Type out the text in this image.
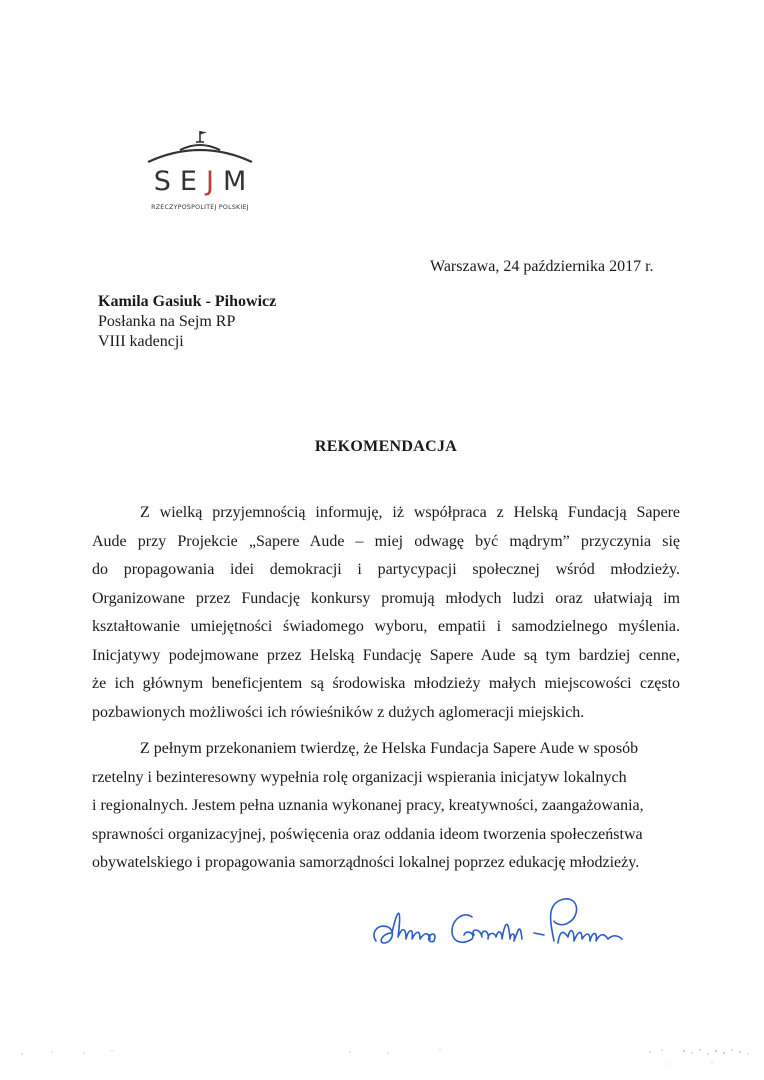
SEJM
RZECZYPOSPOLITEJ POLSKIEJ
Warszawa, 24 października 2017 r.
Kamila Gasiuk - Pihowicz
Posłanka na Sejm RP
VIII kadencji
REKOMENDACJA
Z wielką przyjemnością informuję, iż współpraca z Helską Fundacją Sapere
Aude przy Projekcie „Sapere Aude – miej odwagę być mądrym” przyczynia się
do propagowania idei demokracji i partycypacji społecznej wśród młodzieży.
Organizowane przez Fundację konkursy promują młodych ludzi oraz ułatwiają im
kształtowanie umiejętności świadomego wyboru, empatii i samodzielnego myślenia.
Inicjatywy podejmowane przez Helską Fundację Sapere Aude są tym bardziej cenne,
że ich głównym beneficjentem są środowiska młodzieży małych miejscowości często
pozbawionych możliwości ich rówieśników z dużych aglomeracji miejskich.
Z pełnym przekonaniem twierdzę, że Helska Fundacja Sapere Aude w sposób
rzetelny i bezinteresowny wypełnia rolę organizacji wspierania inicjatyw lokalnych
i regionalnych. Jestem pełna uznania wykonanej pracy, kreatywności, zaangażowania,
sprawności organizacyjnej, poświęcenia oraz oddania ideom tworzenia społeczeństwa
obywatelskiego i propagowania samorządności lokalnej poprzez edukację młodzieży.
